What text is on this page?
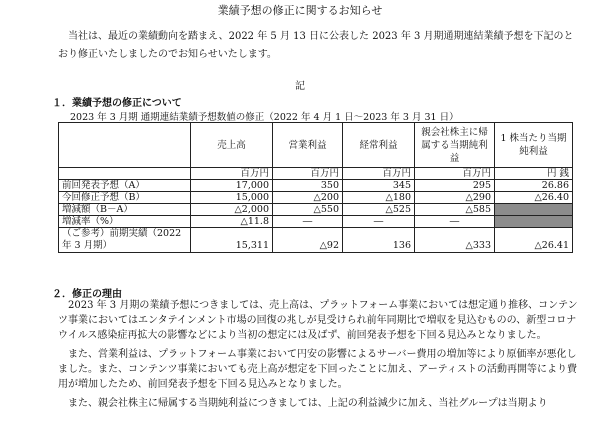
業績予想の修正に関するお知らせ
当社は、最近の業績動向を踏まえ、2022 年 5 月 13 日に公表した 2023 年 3 月期通期連結業績予想を下記のとおり修正いたしましたのでお知らせいたします。
記
１．業績予想の修正について
2023 年 3 月期 通期連結業績予想数値の修正（2022 年 4 月 1 日～2023 年 3 月 31 日）
	売上高	営業利益	経常利益	親会社株主に帰属する当期純利益	1 株当たり当期純利益
	百万円	百万円	百万円	百万円	円 銭
前回発表予想（A）	17,000	350	345	295	26.86
今回修正予想（B）	15,000	△200	△180	△290	△26.40
増減額（B－A）	△2,000	△550	△525	△585	
増減率（%）	△11.8	―	―	―	
（ご参考）前期実績（2022 年 3 月期）	15,311	△92	136	△333	△26.41
２．修正の理由

2023 年 3 月期の業績予想につきましては、売上高は、プラットフォーム事業においては想定通り推移、コンテンツ事業においてはエンタテインメント市場の回復の兆しが見受けられ前年同期比で増収を見込むものの、新型コロナウイルス感染症再拡大の影響などにより当初の想定には及ばず、前回発表予想を下回る見込みとなりました。

また、営業利益は、プラットフォーム事業において円安の影響によるサーバー費用の増加等により原価率が悪化しました。また、コンテンツ事業においても売上高が想定を下回ったことに加え、アーティストの活動再開等により費用が増加したため、前回発表予想を下回る見込みとなりました。

また、親会社株主に帰属する当期純利益につきましては、上記の利益減少に加え、当社グループは当期より
